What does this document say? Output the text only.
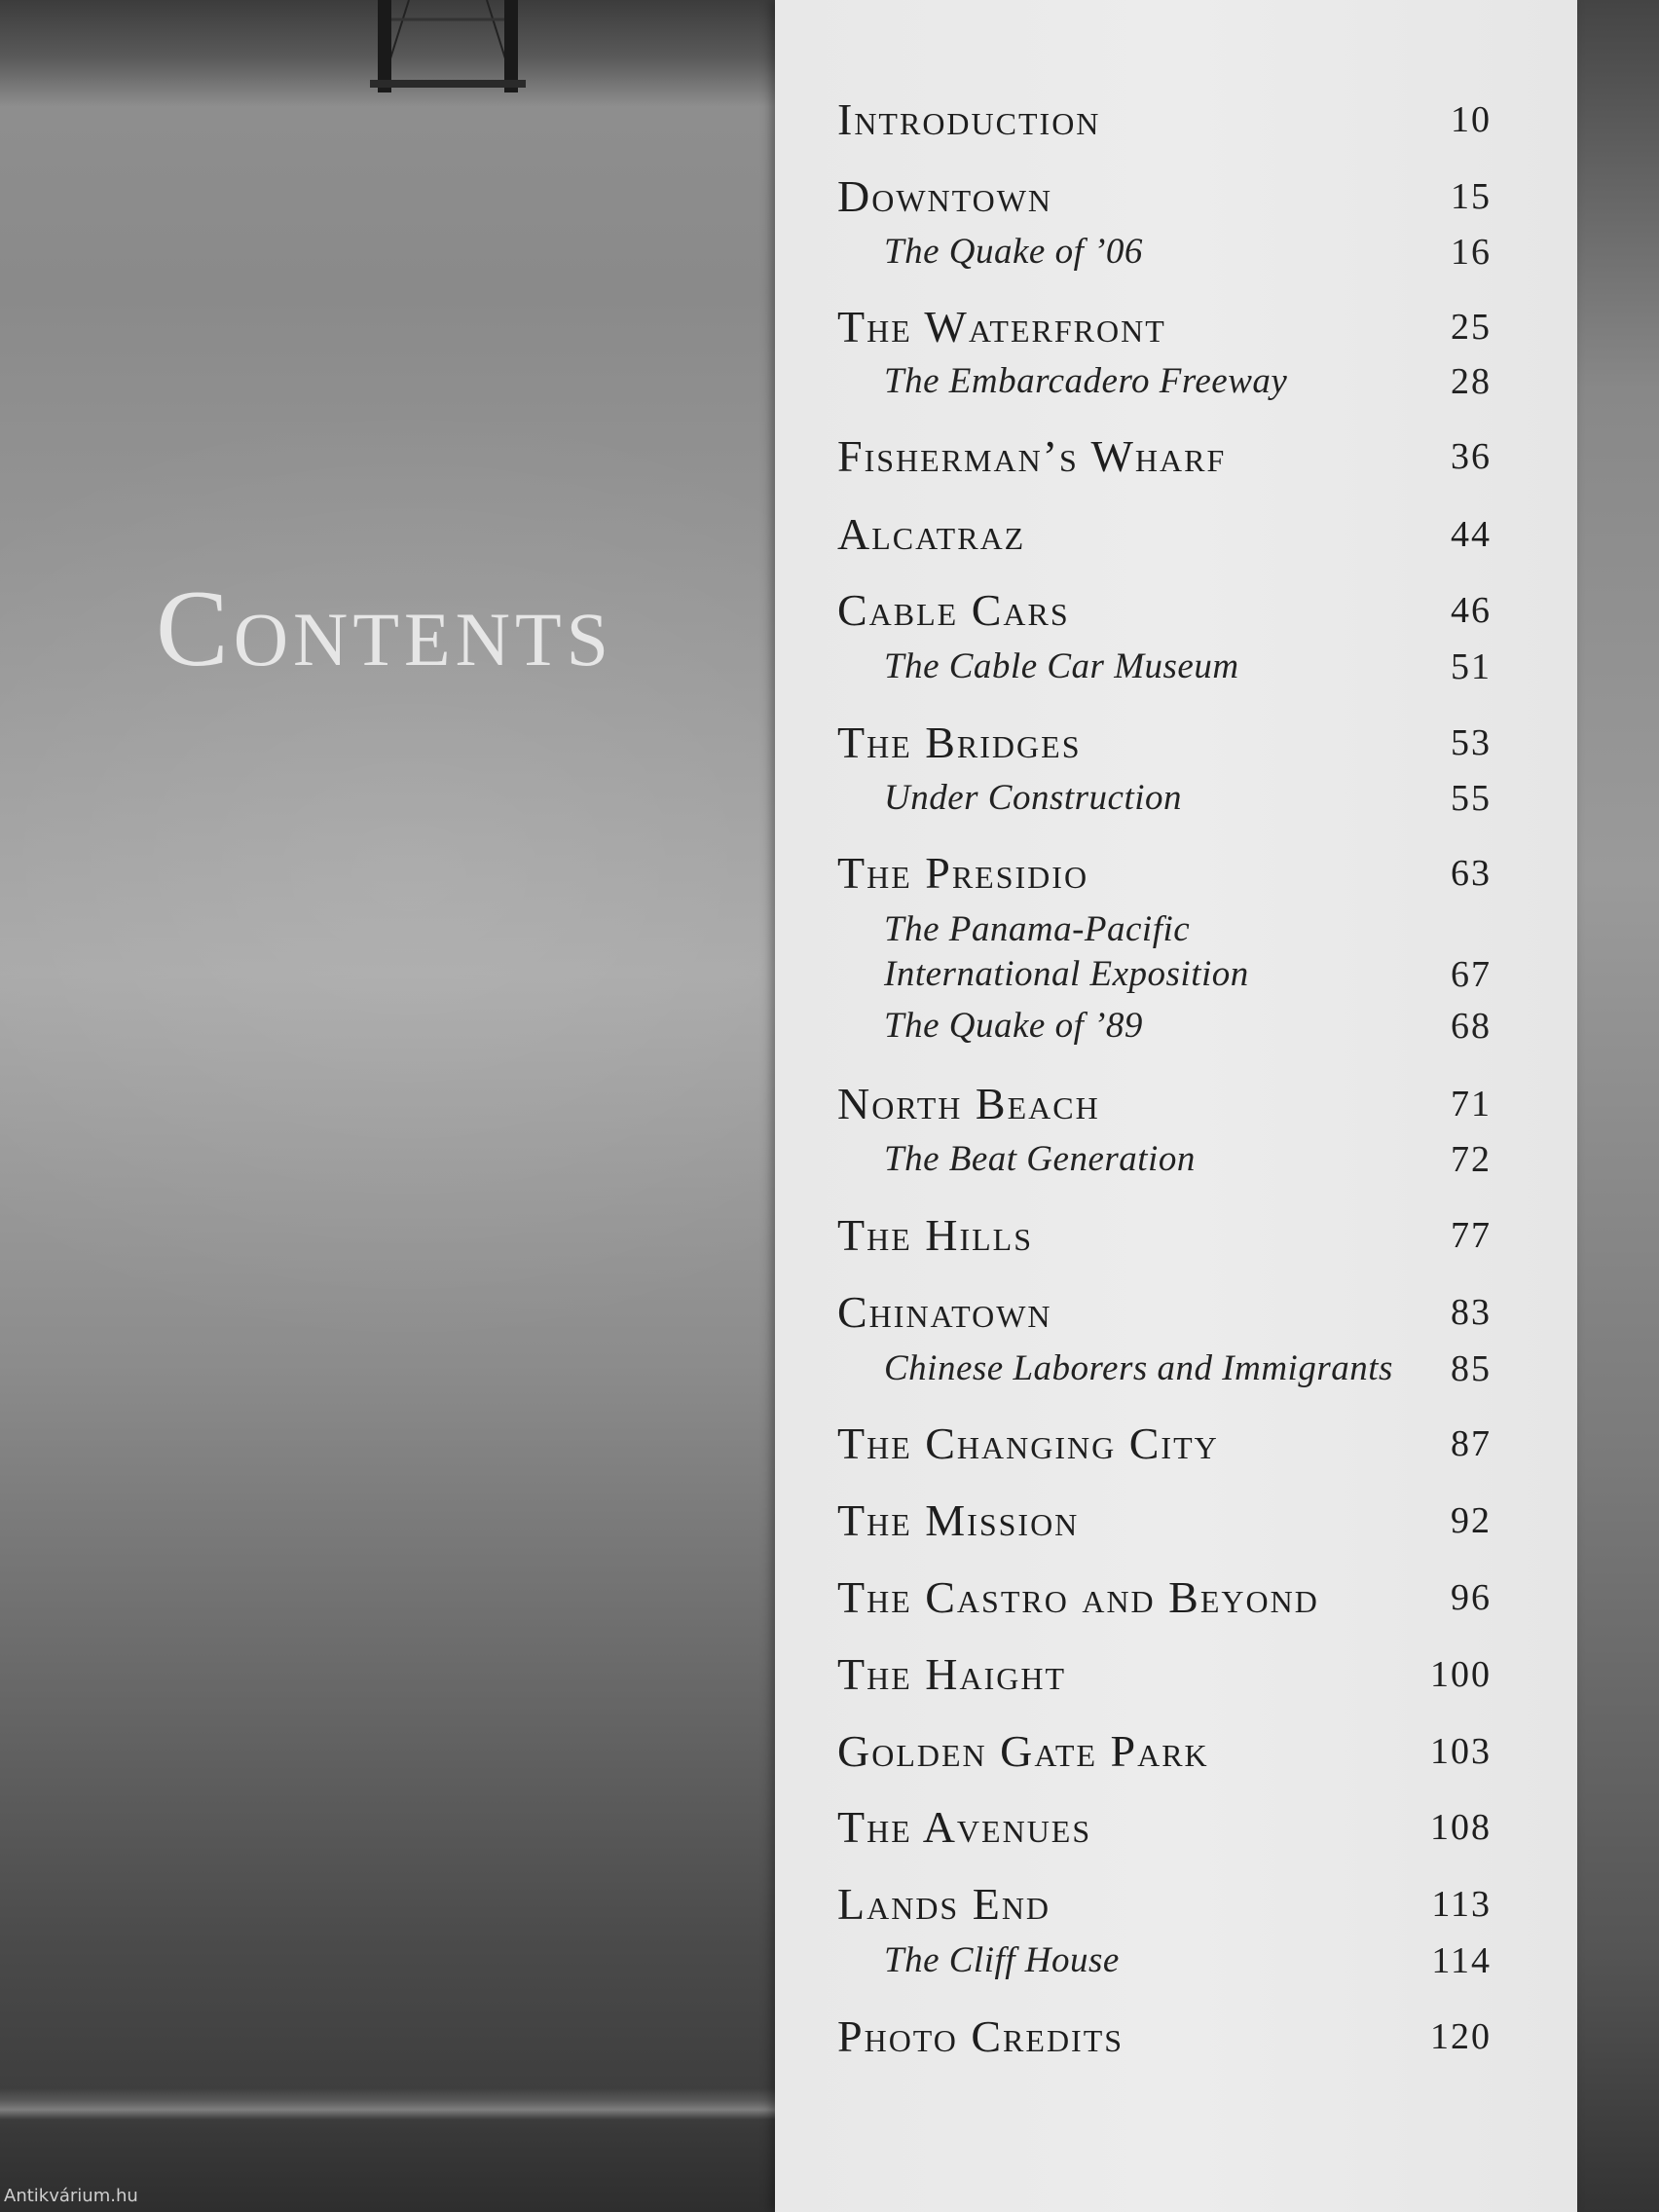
Contents
Antikvárium.hu
Introduction	10
Downtown	15
The Quake of ’06	16
The Waterfront	25
The Embarcadero Freeway	28
Fisherman’s Wharf	36
Alcatraz	44
Cable Cars	46
The Cable Car Museum	51
The Bridges	53
Under Construction	55
The Presidio	63
The Panama-Pacific International Exposition	67
The Quake of ’89	68
North Beach	71
The Beat Generation	72
The Hills	77
Chinatown	83
Chinese Laborers and Immigrants 85
The Changing City	87
The Mission	92
The Castro and Beyond	96
The Haight	100
Golden Gate Park	103
The Avenues	108
Lands End	113
The Cliff House	114
Photo Credits	120
